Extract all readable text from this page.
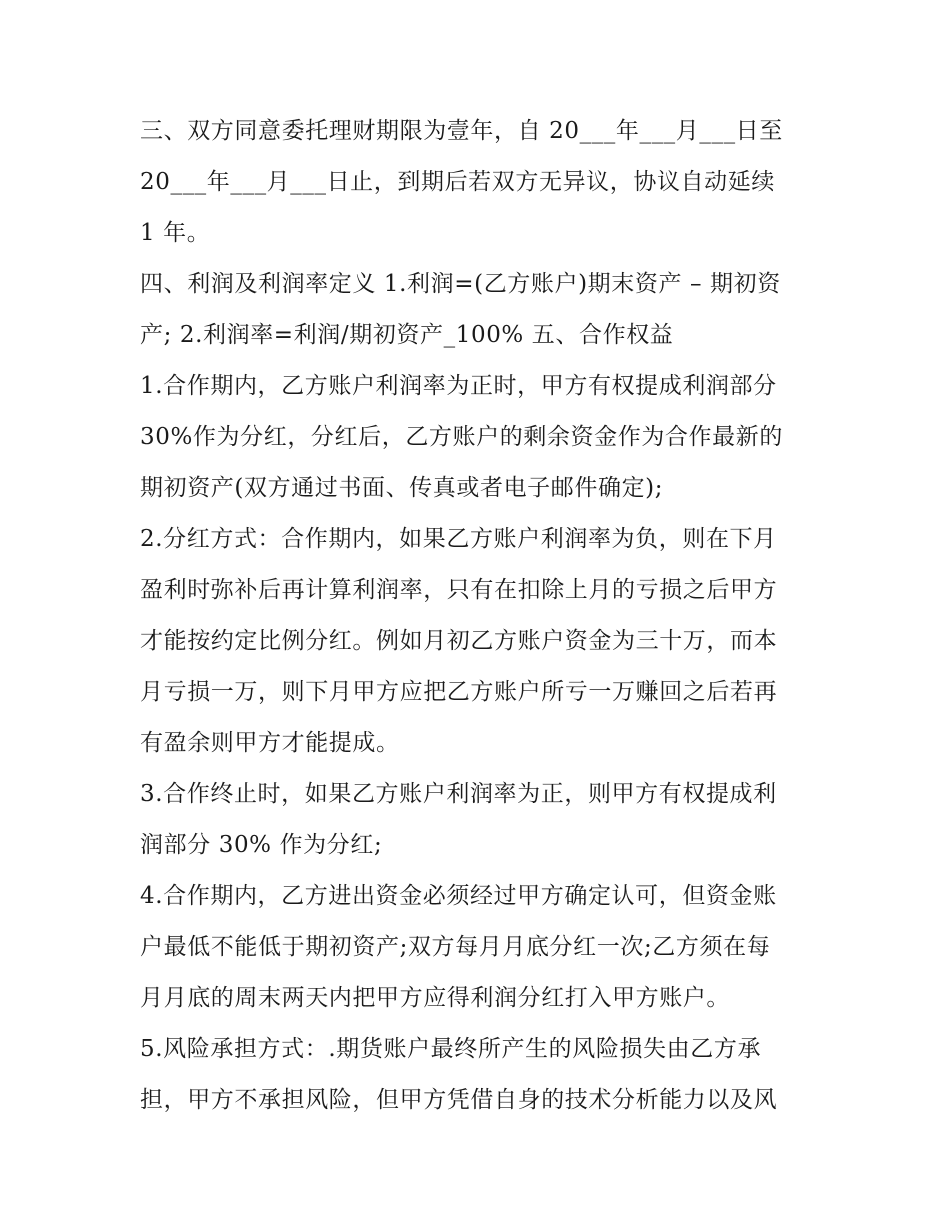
三、双方同意委托理财期限为壹年，自 20___年___月___日至
20___年___月___日止，到期后若双方无异议，协议自动延续
1 年。
四、利润及利润率定义 1.利润=(乙方账户)期末资产 – 期初资
产; 2.利润率=利润/期初资产_100% 五、合作权益
1.合作期内，乙方账户利润率为正时，甲方有权提成利润部分
30%作为分红，分红后，乙方账户的剩余资金作为合作最新的
期初资产(双方通过书面、传真或者电子邮件确定);
2.分红方式：合作期内，如果乙方账户利润率为负，则在下月
盈利时弥补后再计算利润率，只有在扣除上月的亏损之后甲方
才能按约定比例分红。例如月初乙方账户资金为三十万，而本
月亏损一万，则下月甲方应把乙方账户所亏一万赚回之后若再
有盈余则甲方才能提成。
3.合作终止时，如果乙方账户利润率为正，则甲方有权提成利
润部分 30% 作为分红;
4.合作期内，乙方进出资金必须经过甲方确定认可，但资金账
户最低不能低于期初资产;双方每月月底分红一次;乙方须在每
月月底的周末两天内把甲方应得利润分红打入甲方账户。
5.风险承担方式：.期货账户最终所产生的风险损失由乙方承
担，甲方不承担风险，但甲方凭借自身的技术分析能力以及风
